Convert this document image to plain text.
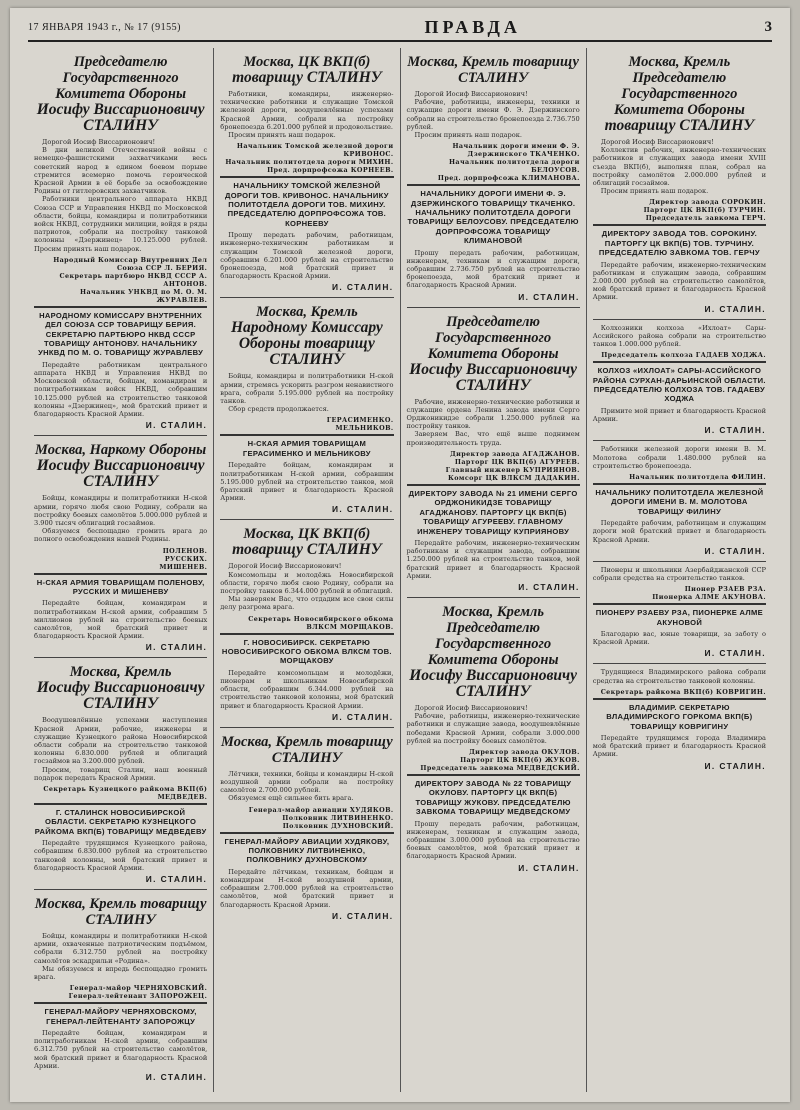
17 ЯНВАРЯ 1943 г., № 17 (9155)	ПРАВДА	3
Председателю Государственного Комитета Обороны
Иосифу Виссарионовичу СТАЛИНУ

Дорогой Иосиф Виссарионович!

В дни великой Отечественной войны с немецко-фашистскими захватчиками весь советский народ в едином боевом порыве стремится всемерно помочь героической Красной Армии в её борьбе за освобождение Родины от гитлеровских захватчиков.

Работники центрального аппарата НКВД Союза ССР и Управления НКВД по Московской области, бойцы, командиры и политработники войск НКВД, сотрудники милиции, войдя в ряды патриотов, собрали на постройку танковой колонны «Дзержинец» 10.125.000 рублей. Просим принять наш подарок.

Народный Комиссар Внутренних Дел Союза ССР Л. БЕРИЯ.
Секретарь партбюро НКВД СССР А. АНТОНОВ.
Начальник УНКВД по М. О. М. ЖУРАВЛЕВ.
НАРОДНОМУ КОМИССАРУ ВНУТРЕННИХ ДЕЛ СОЮЗА ССР ТОВАРИЩУ БЕРИЯ. СЕКРЕТАРЮ ПАРТБЮРО НКВД СССР ТОВАРИЩУ АНТОНОВУ. НАЧАЛЬНИКУ УНКВД ПО М. О. ТОВАРИЩУ ЖУРАВЛЕВУ

Передайте работникам центрального аппарата НКВД и Управления НКВД по Московской области, бойцам, командирам и политработникам войск НКВД, собравшим 10.125.000 рублей на строительство танковой колонны «Дзержинец», мой братский привет и благодарность Красной Армии.

И. СТАЛИН.
Москва, Наркому Обороны
Иосифу Виссарионовичу СТАЛИНУ

Бойцы, командиры и политработники Н-ской армии, горячо любя свою Родину, собрали на постройку боевых самолётов 5.000.000 рублей и 3.900 тысяч облигаций госзаймов.

Обязуемся беспощадно громить врага до полного освобождения нашей Родины.

ПОЛЕНОВ.
РУССКИХ.
МИШЕНЕВ.
Н-СКАЯ АРМИЯ ТОВАРИЩАМ ПОЛЕНОВУ, РУССКИХ И МИШЕНЕВУ

Передайте бойцам, командирам и политработникам Н-ской армии, собравшим 5 миллионов рублей на строительство боевых самолётов, мой братский привет и благодарность Красной Армии.

И. СТАЛИН.
Москва, Кремль
Иосифу Виссарионовичу СТАЛИНУ

Воодушевлённые успехами наступления Красной Армии, рабочие, инженеры и служащие Кузнецкого района Новосибирской области собрали на строительство танковой колонны 6.830.000 рублей и облигаций госзаймов на 3.200.000 рублей.

Просим, товарищ Сталин, наш военный подарок передать Красной Армии.

Секретарь Кузнецкого райкома ВКП(б) МЕДВЕДЕВ.
Г. СТАЛИНСК НОВОСИБИРСКОЙ ОБЛАСТИ. СЕКРЕТАРЮ КУЗНЕЦКОГО РАЙКОМА ВКП(Б) ТОВАРИЩУ МЕДВЕДЕВУ

Передайте трудящимся Кузнецкого района, собравшим 6.830.000 рублей на строительство танковой колонны, мой братский привет и благодарность Красной Армии.

И. СТАЛИН.
Москва, Кремль товарищу СТАЛИНУ

Бойцы, командиры и политработники Н-ской армии, охваченные патриотическим подъёмом, собрали 6.312.750 рублей на постройку самолётов эскадрильи «Родина».

Мы обязуемся и впредь беспощадно громить врага.

Генерал-майор ЧЕРНЯХОВСКИЙ.
Генерал-лейтенант ЗАПОРОЖЕЦ.
ГЕНЕРАЛ-МАЙОРУ ЧЕРНЯХОВСКОМУ, ГЕНЕРАЛ-ЛЕЙТЕНАНТУ ЗАПОРОЖЦУ

Передайте бойцам, командирам и политработникам Н-ской армии, собравшим 6.312.750 рублей на строительство самолётов, мой братский привет и благодарность Красной Армии.

И. СТАЛИН.
Москва, ЦК ВКП(б)
товарищу СТАЛИНУ

Работники, командиры, инженерно-технические работники и служащие Томской железной дороги, воодушевлённые успехами Красной Армии, собрали на постройку бронепоезда 6.201.000 рублей и продовольствие.

Просим принять наш подарок.

Начальник Томской железной дороги КРИВОНОС.
Начальник политотдела дороги МИХИН.
Пред. дорпрофсожа КОРНЕЕВ.
НАЧАЛЬНИКУ ТОМСКОЙ ЖЕЛЕЗНОЙ ДОРОГИ ТОВ. КРИВОНОС. НАЧАЛЬНИКУ ПОЛИТОТДЕЛА ДОРОГИ ТОВ. МИХИНУ. ПРЕДСЕДАТЕЛЮ ДОРПРОФСОЖА ТОВ. КОРНЕЕВУ

Прошу передать рабочим, работницам, инженерно-техническим работникам и служащим Томской железной дороги, собравшим 6.201.000 рублей на строительство бронепоезда, мой братский привет и благодарность Красной Армии.

И. СТАЛИН.
Москва, Кремль
Народному Комиссару Обороны товарищу СТАЛИНУ

Бойцы, командиры и политработники Н-ской армии, стремясь ускорить разгром ненавистного врага, собрали 5.195.000 рублей на постройку танков.

Сбор средств продолжается.

ГЕРАСИМЕНКО.
МЕЛЬНИКОВ.
Н-СКАЯ АРМИЯ ТОВАРИЩАМ ГЕРАСИМЕНКО И МЕЛЬНИКОВУ

Передайте бойцам, командирам и политработникам Н-ской армии, собравшим 5.195.000 рублей на строительство танков, мой братский привет и благодарность Красной Армии.

И. СТАЛИН.
Москва, ЦК ВКП(б)
товарищу СТАЛИНУ

Дорогой Иосиф Виссарионович!

Комсомольцы и молодёжь Новосибирской области, горячо любя свою Родину, собрали на постройку танков 6.344.000 рублей и облигаций.

Мы заверяем Вас, что отдадим все свои силы делу разгрома врага.

Секретарь Новосибирского обкома ВЛКСМ МОРЩАКОВ.
Г. НОВОСИБИРСК. СЕКРЕТАРЮ НОВОСИБИРСКОГО ОБКОМА ВЛКСМ ТОВ. МОРЩАКОВУ

Передайте комсомольцам и молодёжи, пионерам и школьникам Новосибирской области, собравшим 6.344.000 рублей на строительство танковой колонны, мой братский привет и благодарность Красной Армии.

И. СТАЛИН.
Москва, Кремль товарищу СТАЛИНУ

Лётчики, техники, бойцы и командиры Н-ской воздушной армии собрали на постройку самолётов 2.700.000 рублей.

Обязуемся ещё сильнее бить врага.

Генерал-майор авиации ХУДЯКОВ.
Полковник ЛИТВИНЕНКО.
Полковник ДУХНОВСКИЙ.
ГЕНЕРАЛ-МАЙОРУ АВИАЦИИ ХУДЯКОВУ, ПОЛКОВНИКУ ЛИТВИНЕНКО, ПОЛКОВНИКУ ДУХНОВСКОМУ

Передайте лётчикам, техникам, бойцам и командирам Н-ской воздушной армии, собравшим 2.700.000 рублей на строительство самолётов, мой братский привет и благодарность Красной Армии.

И. СТАЛИН.
Москва, Кремль товарищу СТАЛИНУ

Дорогой Иосиф Виссарионович!

Рабочие, работницы, инженеры, техники и служащие дороги имени Ф. Э. Дзержинского собрали на строительство бронепоезда 2.736.750 рублей.

Просим принять наш подарок.

Начальник дороги имени Ф. Э. Дзержинского ТКАЧЕНКО.
Начальник политотдела дороги БЕЛОУСОВ.
Пред. дорпрофсожа КЛИМАНОВА.
НАЧАЛЬНИКУ ДОРОГИ ИМЕНИ Ф. Э. ДЗЕРЖИНСКОГО ТОВАРИЩУ ТКАЧЕНКО. НАЧАЛЬНИКУ ПОЛИТОТДЕЛА ДОРОГИ ТОВАРИЩУ БЕЛОУСОВУ. ПРЕДСЕДАТЕЛЮ ДОРПРОФСОЖА ТОВАРИЩУ КЛИМАНОВОЙ

Прошу передать рабочим, работницам, инженерам, техникам и служащим дороги, собравшим 2.736.750 рублей на строительство бронепоезда, мой братский привет и благодарность Красной Армии.

И. СТАЛИН.
Председателю Государственного Комитета Обороны
Иосифу Виссарионовичу СТАЛИНУ

Рабочие, инженерно-технические работники и служащие ордена Ленина завода имени Серго Орджоникидзе собрали 1.250.000 рублей на постройку танков.

Заверяем Вас, что ещё выше поднимем производительность труда.

Директор завода АГАДЖАНОВ.
Парторг ЦК ВКП(б) АГУРЕЕВ.
Главный инженер КУПРИЯНОВ.
Комсорг ЦК ВЛКСМ ДАДАКИН.
ДИРЕКТОРУ ЗАВОДА № 21 ИМЕНИ СЕРГО ОРДЖОНИКИДЗЕ ТОВАРИЩУ АГАДЖАНОВУ. ПАРТОРГУ ЦК ВКП(Б) ТОВАРИЩУ АГУРЕЕВУ. ГЛАВНОМУ ИНЖЕНЕРУ ТОВАРИЩУ КУПРИЯНОВУ

Передайте рабочим, инженерно-техническим работникам и служащим завода, собравшим 1.250.000 рублей на строительство танков, мой братский привет и благодарность Красной Армии.

И. СТАЛИН.
Москва, Кремль Председателю Государственного Комитета Обороны
Иосифу Виссарионовичу СТАЛИНУ

Дорогой Иосиф Виссарионович!

Рабочие, работницы, инженерно-технические работники и служащие завода, воодушевлённые победами Красной Армии, собрали 3.000.000 рублей на постройку боевых самолётов.

Директор завода ОКУЛОВ.
Парторг ЦК ВКП(б) ЖУКОВ.
Председатель завкома МЕДВЕДСКИЙ.
ДИРЕКТОРУ ЗАВОДА № 22 ТОВАРИЩУ ОКУЛОВУ. ПАРТОРГУ ЦК ВКП(Б) ТОВАРИЩУ ЖУКОВУ. ПРЕДСЕДАТЕЛЮ ЗАВКОМА ТОВАРИЩУ МЕДВЕДСКОМУ

Прошу передать рабочим, работницам, инженерам, техникам и служащим завода, собравшим 3.000.000 рублей на строительство боевых самолётов, мой братский привет и благодарность Красной Армии.

И. СТАЛИН.
Москва, Кремль Председателю Государственного Комитета Обороны
товарищу СТАЛИНУ

Дорогой Иосиф Виссарионович!

Коллектив рабочих, инженерно-технических работников и служащих завода имени XVIII съезда ВКП(б), выполняя план, собрал на постройку самолётов 2.000.000 рублей и облигаций госзаймов.

Просим принять наш подарок.

Директор завода СОРОКИН.
Парторг ЦК ВКП(б) ТУРЧИН.
Председатель завкома ГЕРЧ.
ДИРЕКТОРУ ЗАВОДА ТОВ. СОРОКИНУ. ПАРТОРГУ ЦК ВКП(Б) ТОВ. ТУРЧИНУ. ПРЕДСЕДАТЕЛЮ ЗАВКОМА ТОВ. ГЕРЧУ

Передайте рабочим, инженерно-техническим работникам и служащим завода, собравшим 2.000.000 рублей на строительство самолётов, мой братский привет и благодарность Красной Армии.

И. СТАЛИН.

Колхозники колхоза «Ихлоат» Сары-Ассийского района собрали на строительство танков 1.000.000 рублей.

Председатель колхоза ГАДАЕВ ХОДЖА.
КОЛХОЗ «ИХЛОАТ» САРЫ-АССИЙСКОГО РАЙОНА СУРХАН-ДАРЬИНСКОЙ ОБЛАСТИ. ПРЕДСЕДАТЕЛЮ КОЛХОЗА ТОВ. ГАДАЕВУ ХОДЖА

Примите мой привет и благодарность Красной Армии.

И. СТАЛИН.

Работники железной дороги имени В. М. Молотова собрали 1.480.000 рублей на строительство бронепоезда.

Начальник политотдела ФИЛИН.
НАЧАЛЬНИКУ ПОЛИТОТДЕЛА ЖЕЛЕЗНОЙ ДОРОГИ ИМЕНИ В. М. МОЛОТОВА ТОВАРИЩУ ФИЛИНУ

Передайте рабочим, работницам и служащим дороги мой братский привет и благодарность Красной Армии.

И. СТАЛИН.

Пионеры и школьники Азербайджанской ССР собрали средства на строительство танков.

Пионер РЗАЕВ РЗА.
Пионерка АЛМЕ АКУНОВА.
ПИОНЕРУ РЗАЕВУ РЗА, ПИОНЕРКЕ АЛМЕ АКУНОВОЙ

Благодарю вас, юные товарищи, за заботу о Красной Армии.

И. СТАЛИН.

Трудящиеся Владимирского района собрали средства на строительство танковой колонны.

Секретарь райкома ВКП(б) КОВРИГИН.
ВЛАДИМИР. СЕКРЕТАРЮ ВЛАДИМИРСКОГО ГОРКОМА ВКП(Б) ТОВАРИЩУ КОВРИГИНУ

Передайте трудящимся города Владимира мой братский привет и благодарность Красной Армии.

И. СТАЛИН.
